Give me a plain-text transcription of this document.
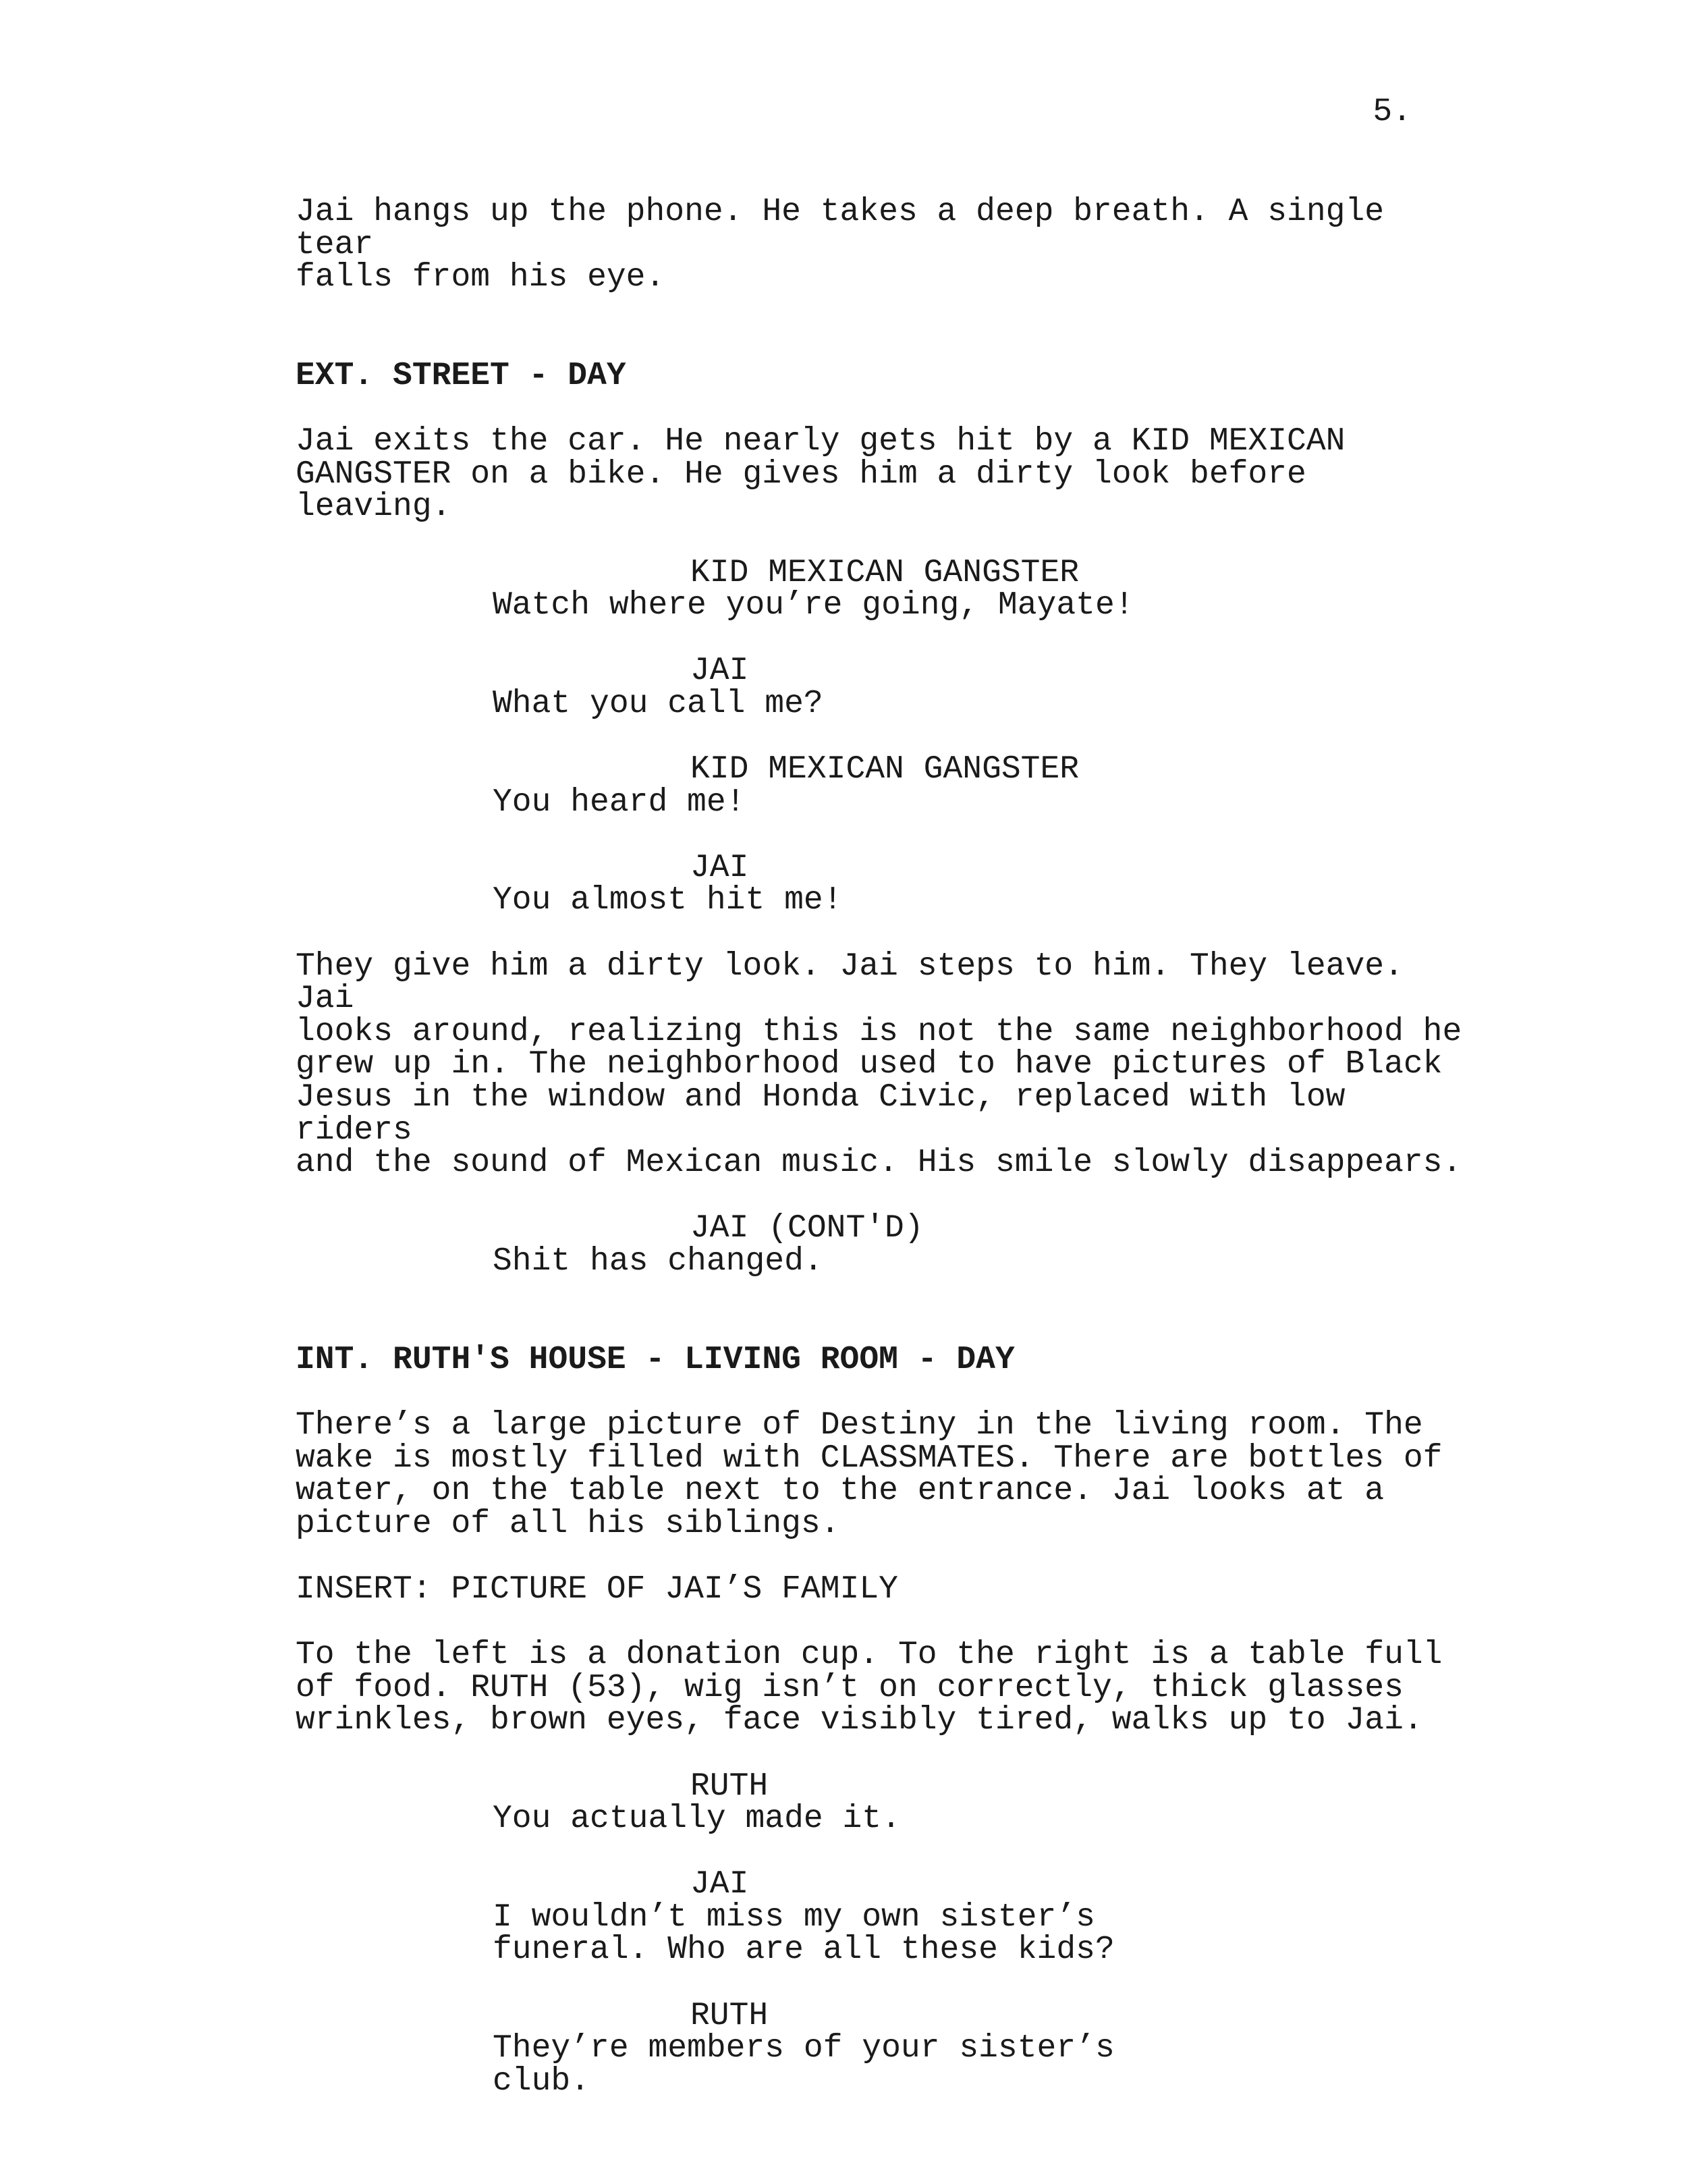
5.

Jai hangs up the phone. He takes a deep breath. A single tear
falls from his eye.

EXT. STREET - DAY

Jai exits the car. He nearly gets hit by a KID MEXICAN
GANGSTER on a bike. He gives him a dirty look before leaving.

KID MEXICAN GANGSTER

Watch where you’re going, Mayate!

JAI

What you call me?

KID MEXICAN GANGSTER

You heard me!

JAI

You almost hit me!

They give him a dirty look. Jai steps to him. They leave. Jai
looks around, realizing this is not the same neighborhood he
grew up in. The neighborhood used to have pictures of Black
Jesus in the window and Honda Civic, replaced with low riders
and the sound of Mexican music. His smile slowly disappears.

JAI (CONT'D)

Shit has changed.

INT. RUTH'S HOUSE - LIVING ROOM - DAY

There’s a large picture of Destiny in the living room. The
wake is mostly filled with CLASSMATES. There are bottles of
water, on the table next to the entrance. Jai looks at a
picture of all his siblings.

INSERT: PICTURE OF JAI’S FAMILY

To the left is a donation cup. To the right is a table full
of food. RUTH (53), wig isn’t on correctly, thick glasses
wrinkles, brown eyes, face visibly tired, walks up to Jai.

RUTH

You actually made it.

JAI

I wouldn’t miss my own sister’s
funeral. Who are all these kids?

RUTH

They’re members of your sister’s
club.
